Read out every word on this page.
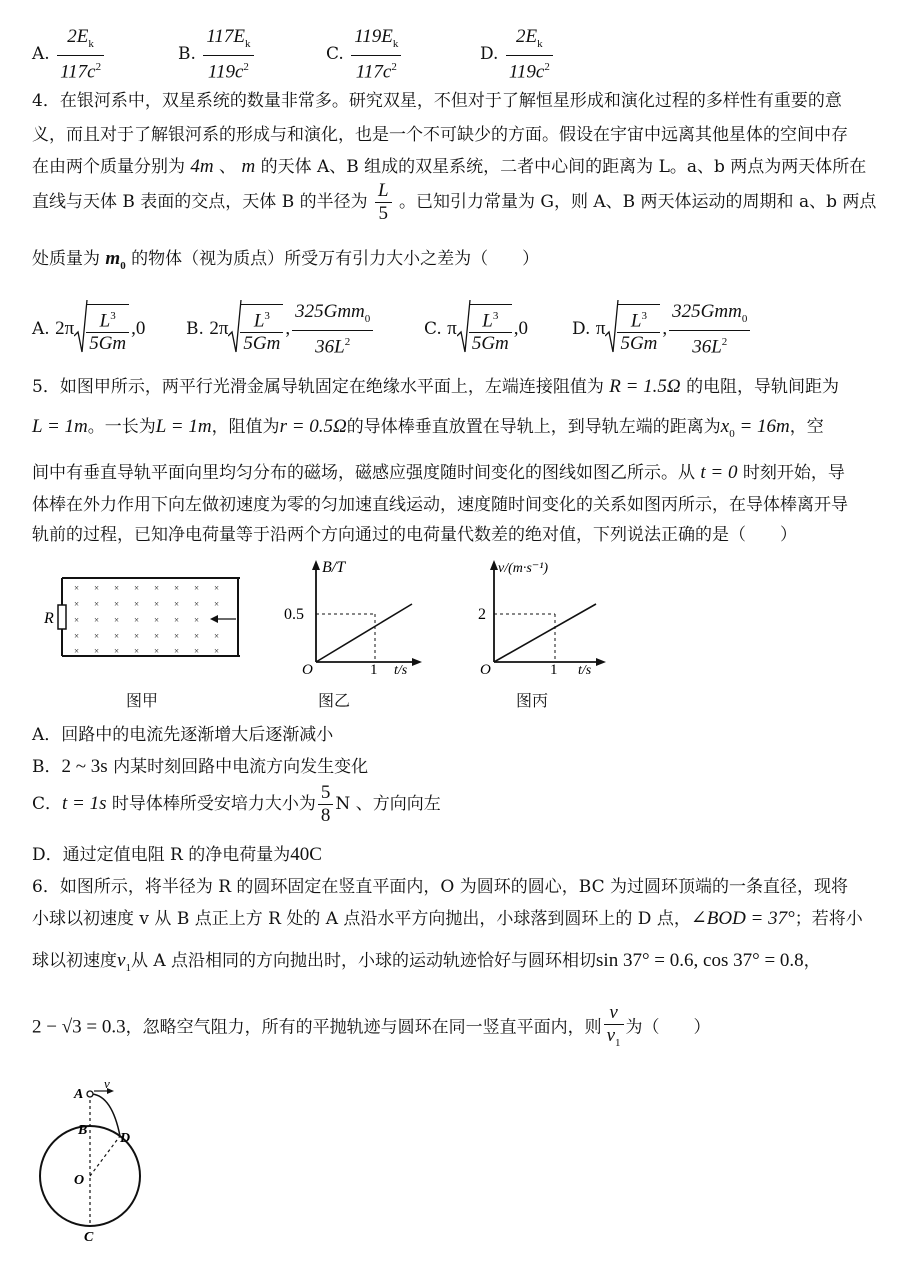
A. $\frac{2E_k}{117c^2}$	B. $\frac{117E_k}{119c^2}$	C. $\frac{119E_k}{117c^2}$	D. $\frac{2E_k}{119c^2}$
4．在银河系中，双星系统的数量非常多。研究双星，不但对于了解恒星形成和演化过程的多样性有重要的意
义，而且对于了解银河系的形成与和演化，也是一个不可缺少的方面。假设在宇宙中远离其他星体的空间中存
在由两个质量分别为 4m 、 m 的天体 A、B 组成的双星系统，二者中心间的距离为 L。a、b 两点为两天体所在
直线与天体 B 表面的交点，天体 B 的半径为 $\frac{L}{5}$ 。已知引力常量为 G，则 A、B 两天体运动的周期和 a、b 两点
处质量为 $m_0$ 的物体（视为质点）所受万有引力大小之差为（　　）
A. $2\pi \frac{L^3}{5Gm} ,0$ B. $2\pi \frac{L^3}{5Gm}$ , $\frac{325Gmm_0}{36L^2}$	C. π $\frac{L^3}{5Gm} ,0$	D. π $\frac{L^3}{5Gm}$ , $\frac{325Gmm_0}{36L^2}$
5．如图甲所示，两平行光滑金属导轨固定在绝缘水平面上，左端连接阻值为 R = 1.5Ω 的电阻，导轨间距为
L = 1m。一长为L = 1m，阻值为r = 0.5Ω的导体棒垂直放置在导轨上，到导轨左端的距离为$x_0 = 16m$，空
间中有垂直导轨平面向里均匀分布的磁场，磁感应强度随时间变化的图线如图乙所示。从 t = 0 时刻开始，导
体棒在外力作用下向左做初速度为零的匀加速直线运动，速度随时间变化的关系如图丙所示，在导体棒离开导
轨前的过程，已知净电荷量等于沿两个方向通过的电荷量代数差的绝对值，下列说法正确的是（　　）
× × × × × × × ×
× × × × × × × ×
× × × × × × ×
× × × × × × × ×
× × × × × × × ×
R
B/T
0.5
1
O	t/s
v/(m·s⁻¹)
2
1
O	t/s
图甲	图乙	图丙
A．回路中的电流先逐渐增大后逐渐减小
B．2 ~ 3s 内某时刻回路中电流方向发生变化
C．t = 1s 时导体棒所受安培力大小为 $\frac{5}{8}$ N 、方向向左
D．通过定值电阻 R 的净电荷量为40C
6．如图所示，将半径为 R 的圆环固定在竖直平面内，O 为圆环的圆心，BC 为过圆环顶端的一条直径，现将
小球以初速度 v 从 B 点正上方 R 处的 A 点沿水平方向抛出，小球落到圆环上的 D 点，∠BOD = 37°；若将小
球以初速度$v_1$从 A 点沿相同的方向抛出时，小球的运动轨迹恰好与圆环相切sin 37° = 0.6, cos 37° = 0.8，
2 − √3 = 0.3，忽略空气阻力，所有的平抛轨迹与圆环在同一竖直平面内，则 $\frac{v}{v_1}$ 为（　　）
A
v
B
D
O
C
